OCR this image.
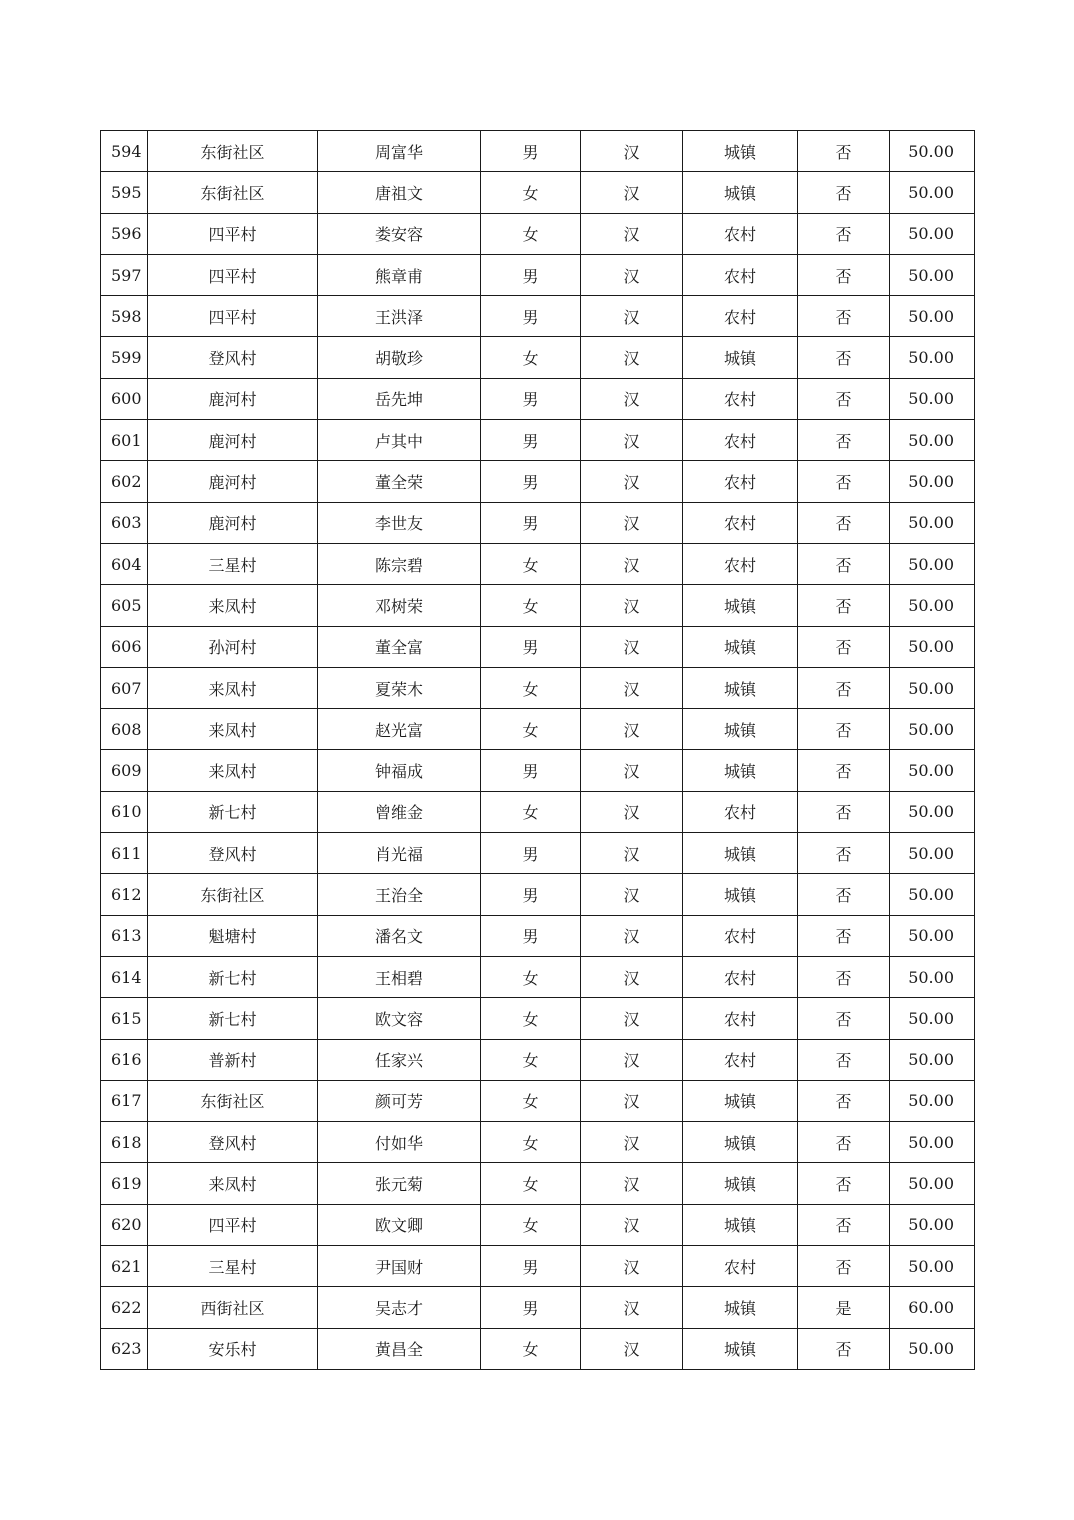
594	东街社区	周富华	男	汉	城镇	否	50.00
595	东街社区	唐祖文	女	汉	城镇	否	50.00
596	四平村	娄安容	女	汉	农村	否	50.00
597	四平村	熊章甫	男	汉	农村	否	50.00
598	四平村	王洪泽	男	汉	农村	否	50.00
599	登风村	胡敬珍	女	汉	城镇	否	50.00
600	鹿河村	岳先坤	男	汉	农村	否	50.00
601	鹿河村	卢其中	男	汉	农村	否	50.00
602	鹿河村	董全荣	男	汉	农村	否	50.00
603	鹿河村	李世友	男	汉	农村	否	50.00
604	三星村	陈宗碧	女	汉	农村	否	50.00
605	来凤村	邓树荣	女	汉	城镇	否	50.00
606	孙河村	董全富	男	汉	城镇	否	50.00
607	来凤村	夏荣木	女	汉	城镇	否	50.00
608	来凤村	赵光富	女	汉	城镇	否	50.00
609	来凤村	钟福成	男	汉	城镇	否	50.00
610	新七村	曾维金	女	汉	农村	否	50.00
611	登风村	肖光福	男	汉	城镇	否	50.00
612	东街社区	王治全	男	汉	城镇	否	50.00
613	魁塘村	潘名文	男	汉	农村	否	50.00
614	新七村	王相碧	女	汉	农村	否	50.00
615	新七村	欧文容	女	汉	农村	否	50.00
616	普新村	任家兴	女	汉	农村	否	50.00
617	东街社区	颜可芳	女	汉	城镇	否	50.00
618	登风村	付如华	女	汉	城镇	否	50.00
619	来凤村	张元菊	女	汉	城镇	否	50.00
620	四平村	欧文卿	女	汉	城镇	否	50.00
621	三星村	尹国财	男	汉	农村	否	50.00
622	西街社区	吴志才	男	汉	城镇	是	60.00
623	安乐村	黄昌全	女	汉	城镇	否	50.00
